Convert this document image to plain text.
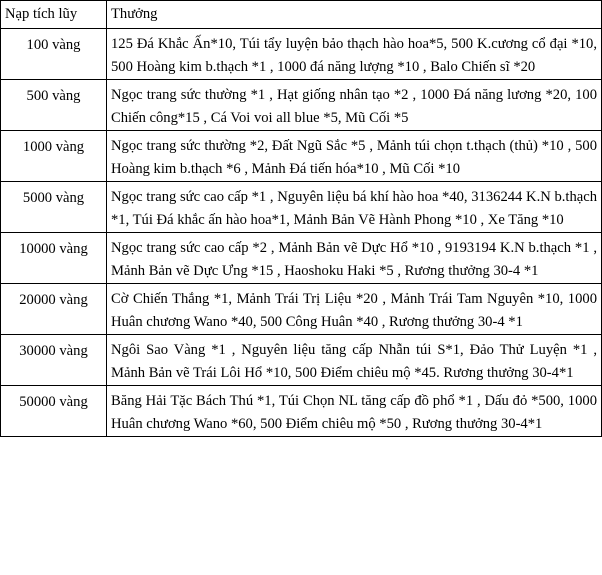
Nạp tích lũy	Thưởng
100 vàng	125 Đá Khắc Ấn*10, Túi tẩy luyện bảo thạch hào hoa*5, 500 K.cương cổ đại *10, 500 Hoàng kim b.thạch *1 , 1000 đá năng lượng *10 , Balo Chiến sĩ *20
500 vàng	Ngọc trang sức thường *1 , Hạt giống nhân tạo *2 , 1000 Đá năng lương *20, 100 Chiến công*15 , Cá Voi voi all blue *5, Mũ Cối *5
1000 vàng	Ngọc trang sức thường *2, Đất Ngũ Sắc *5 , Mảnh túi chọn t.thạch (thủ) *10 , 500 Hoàng kim b.thạch *6 , Mảnh Đá tiến hóa*10 , Mũ Cối *10
5000 vàng	Ngọc trang sức cao cấp *1 , Nguyên liệu bá khí hào hoa *40, 3136244 K.N b.thạch *1, Túi Đá khắc ấn hào hoa*1, Mảnh Bản Vẽ Hành Phong *10 , Xe Tăng *10
10000 vàng	Ngọc trang sức cao cấp *2 , Mảnh Bản vẽ Dực Hổ *10 , 9193194 K.N b.thạch *1 , Mảnh Bản vẽ Dực Ưng *15 , Haoshoku Haki *5 , Rương thưởng 30-4 *1
20000 vàng	Cờ Chiến Thắng *1, Mảnh Trái Trị Liệu *20 , Mảnh Trái Tam Nguyên *10, 1000 Huân chương Wano *40, 500 Công Huân *40 , Rương thưởng 30-4 *1
30000 vàng	Ngôi Sao Vàng *1 , Nguyên liệu tăng cấp Nhẫn túi S*1, Đảo Thử Luyện *1 , Mảnh Bản vẽ Trái Lôi Hổ *10, 500 Điểm chiêu mộ *45. Rương thưởng 30-4*1
50000 vàng	Băng Hải Tặc Bách Thú *1, Túi Chọn NL tăng cấp đồ phổ *1 , Dấu đỏ *500, 1000 Huân chương Wano *60, 500 Điểm chiêu mộ *50 , Rương thưởng 30-4*1
